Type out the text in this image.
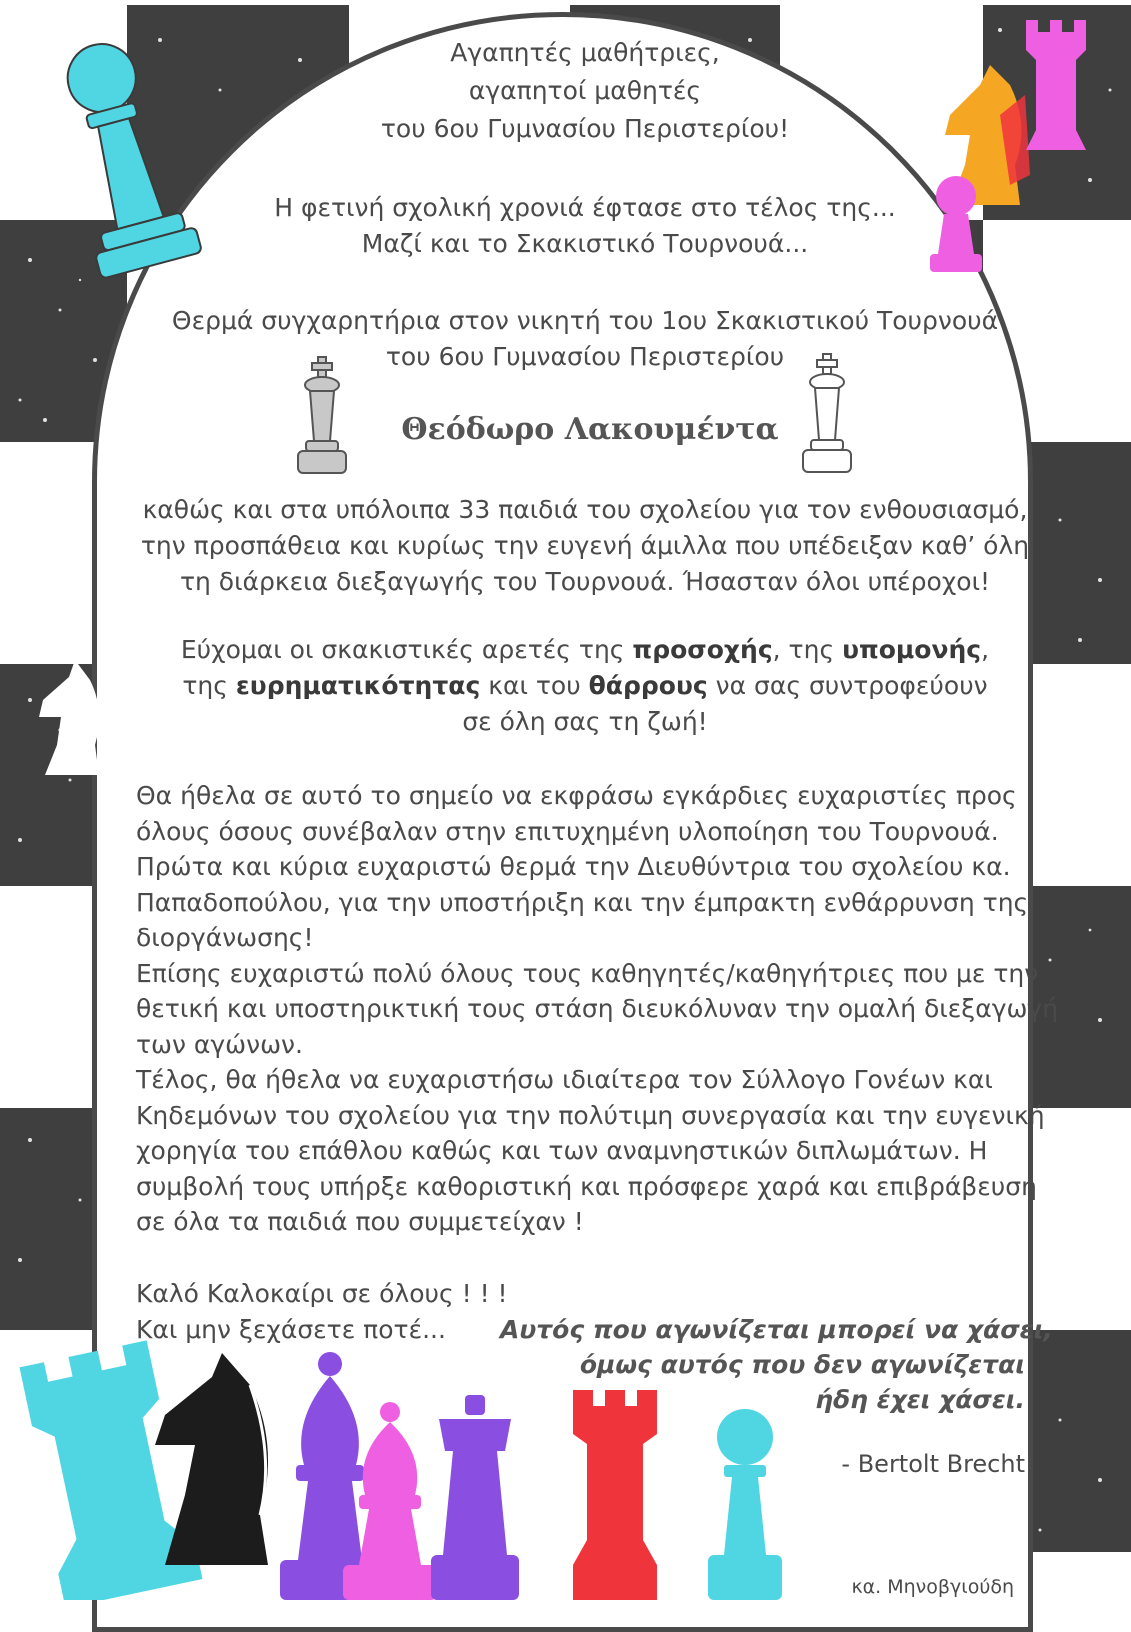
Αγαπητές μαθήτριες,
αγαπητοί μαθητές
του 6ου Γυμνασίου Περιστερίου!
Η φετινή σχολική χρονιά έφτασε στο τέλος της...
Μαζί και το Σκακιστικό Τουρνουά...
Θερμά συγχαρητήρια στον νικητή του 1ου Σκακιστικού Τουρνουά
του 6ου Γυμνασίου Περιστερίου
Θεόδωρο Λακουμέντα
καθώς και στα υπόλοιπα 33 παιδιά του σχολείου για τον ενθουσιασμό,
την προσπάθεια και κυρίως την ευγενή άμιλλα που υπέδειξαν καθ’ όλη
τη διάρκεια διεξαγωγής του Τουρνουά. Ήσασταν όλοι υπέροχοι!
Εύχομαι οι σκακιστικές αρετές της προσοχής, της υπομονής,
της ευρηματικότητας και του θάρρους να σας συντροφεύουν
σε όλη σας τη ζωή!
Θα ήθελα σε αυτό το σημείο να εκφράσω εγκάρδιες ευχαριστίες προς
όλους όσους συνέβαλαν στην επιτυχημένη υλοποίηση του Τουρνουά.
Πρώτα και κύρια ευχαριστώ θερμά την Διευθύντρια του σχολείου κα.
Παπαδοπούλου, για την υποστήριξη και την έμπρακτη ενθάρρυνση της
διοργάνωσης!
Επίσης ευχαριστώ πολύ όλους τους καθηγητές/καθηγήτριες που με την
θετική και υποστηρικτική τους στάση διευκόλυναν την ομαλή διεξαγωγή
των αγώνων.
Τέλος, θα ήθελα να ευχαριστήσω ιδιαίτερα τον Σύλλογο Γονέων και
Κηδεμόνων του σχολείου για την πολύτιμη συνεργασία και την ευγενική
χορηγία του επάθλου καθώς και των αναμνηστικών διπλωμάτων. Η
συμβολή τους υπήρξε καθοριστική και πρόσφερε χαρά και επιβράβευση
σε όλα τα παιδιά που συμμετείχαν !
Καλό Καλοκαίρι σε όλους ! ! !
Και μην ξεχάσετε ποτέ...	Αυτός που αγωνίζεται μπορεί να χάσει,
όμως αυτός που δεν αγωνίζεται
ήδη έχει χάσει.
- Bertolt Brecht
κα. Μηνοβγιούδη
